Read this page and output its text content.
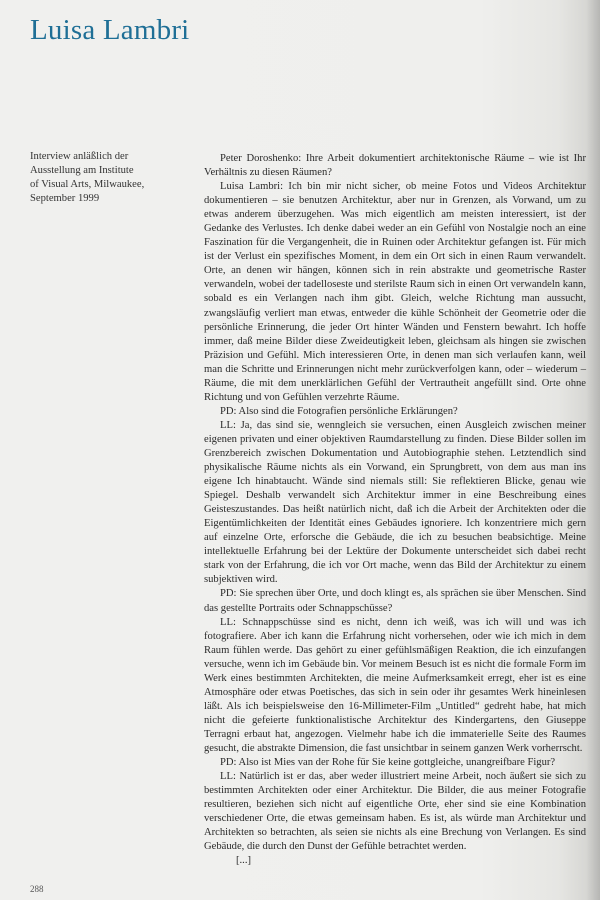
Luisa Lambri
Interview anläßlich der
Ausstellung am Institute
of Visual Arts, Milwaukee,
September 1999

Peter Doroshenko: Ihre Arbeit dokumentiert architektonische Räume – wie ist Ihr Verhältnis zu diesen Räumen?

Luisa Lambri: Ich bin mir nicht sicher, ob meine Fotos und Videos Architektur dokumentieren – sie benutzen Architektur, aber nur in Grenzen, als Vorwand, um zu etwas anderem überzugehen. Was mich eigentlich am meisten interessiert, ist der Gedanke des Verlustes. Ich denke dabei weder an ein Gefühl von Nostalgie noch an eine Faszination für die Vergangenheit, die in Ruinen oder Architektur gefangen ist. Für mich ist der Verlust ein spezifisches Moment, in dem ein Ort sich in einen Raum verwandelt. Orte, an denen wir hängen, können sich in rein abstrakte und geometrische Raster verwandeln, wobei der tadelloseste und sterilste Raum sich in einen Ort verwandeln kann, sobald es ein Verlangen nach ihm gibt. Gleich, welche Richtung man aussucht, zwangsläufig verliert man etwas, entweder die kühle Schönheit der Geometrie oder die persönliche Erinnerung, die jeder Ort hinter Wänden und Fenstern bewahrt. Ich hoffe immer, daß meine Bilder diese Zweideutigkeit leben, gleichsam als hingen sie zwischen Präzision und Gefühl. Mich interessieren Orte, in denen man sich verlaufen kann, weil man die Schritte und Erinnerungen nicht mehr zurückverfolgen kann, oder – wiederum – Räume, die mit dem unerklärlichen Gefühl der Vertrautheit angefüllt sind. Orte ohne Richtung und von Gefühlen verzehrte Räume.

PD: Also sind die Fotografien persönliche Erklärungen?

LL: Ja, das sind sie, wenngleich sie versuchen, einen Ausgleich zwischen meiner eigenen privaten und einer objektiven Raumdarstellung zu finden. Diese Bilder sollen im Grenzbereich zwischen Dokumentation und Autobiographie stehen. Letztendlich sind physikalische Räume nichts als ein Vorwand, ein Sprungbrett, von dem aus man ins eigene Ich hinabtaucht. Wände sind niemals still: Sie reflektieren Blicke, genau wie Spiegel. Deshalb verwandelt sich Architektur immer in eine Beschreibung eines Geisteszustandes. Das heißt natürlich nicht, daß ich die Arbeit der Architekten oder die Eigentümlichkeiten der Identität eines Gebäudes ignoriere. Ich konzentriere mich gern auf einzelne Orte, erforsche die Gebäude, die ich zu besuchen beabsichtige. Meine intellektuelle Erfahrung bei der Lektüre der Dokumente unterscheidet sich dabei recht stark von der Erfahrung, die ich vor Ort mache, wenn das Bild der Architektur zu einem subjektiven wird.

PD: Sie sprechen über Orte, und doch klingt es, als sprächen sie über Menschen. Sind das gestellte Portraits oder Schnappschüsse?

LL: Schnappschüsse sind es nicht, denn ich weiß, was ich will und was ich fotografiere. Aber ich kann die Erfahrung nicht vorhersehen, oder wie ich mich in dem Raum fühlen werde. Das gehört zu einer gefühlsmäßigen Reaktion, die ich einzufangen versuche, wenn ich im Gebäude bin. Vor meinem Besuch ist es nicht die formale Form im Werk eines bestimmten Architekten, die meine Aufmerksamkeit erregt, eher ist es eine Atmosphäre oder etwas Poetisches, das sich in sein oder ihr gesamtes Werk hineinlesen läßt. Als ich beispielsweise den 16-Millimeter-Film „Untitled“ gedreht habe, hat mich nicht die gefeierte funktionalistische Architektur des Kindergartens, den Giuseppe Terragni erbaut hat, angezogen. Vielmehr habe ich die immaterielle Seite des Raumes gesucht, die abstrakte Dimension, die fast unsichtbar in seinem ganzen Werk vorherrscht.

PD: Also ist Mies van der Rohe für Sie keine gottgleiche, unangreifbare Figur?

LL: Natürlich ist er das, aber weder illustriert meine Arbeit, noch äußert sie sich zu bestimmten Architekten oder einer Architektur. Die Bilder, die aus meiner Fotografie resultieren, beziehen sich nicht auf eigentliche Orte, eher sind sie eine Kombination verschiedener Orte, die etwas gemeinsam haben. Es ist, als würde man Architektur und Architekten so betrachten, als seien sie nichts als eine Brechung von Verlangen. Es sind Gebäude, die durch den Dunst der Gefühle betrachtet werden.

[...]

288
